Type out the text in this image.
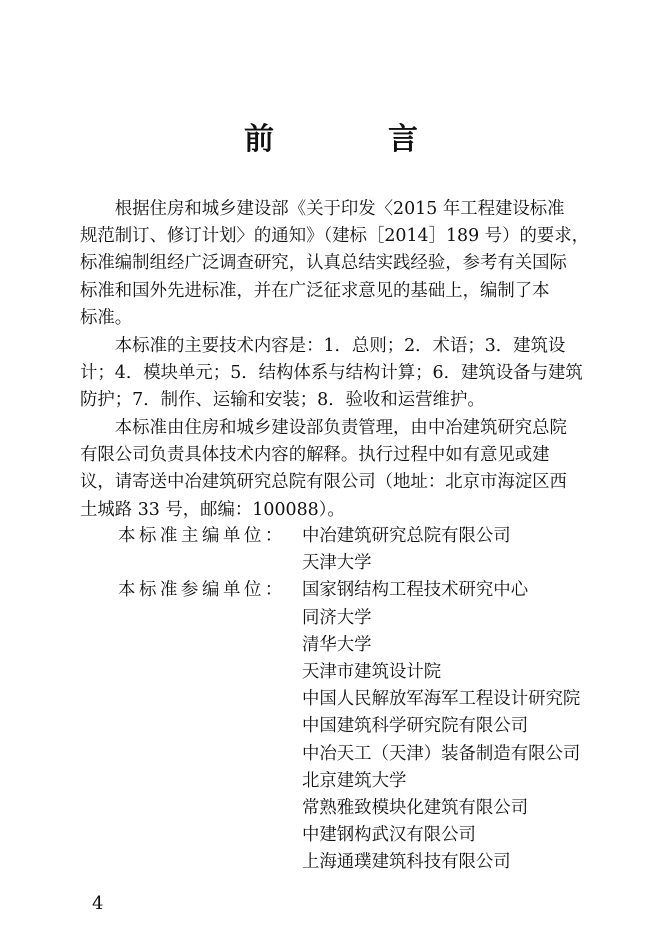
前　言
　　根据住房和城乡建设部《关于印发〈2015 年工程建设标准
规范制订、修订计划〉的通知》（建标［2014］189 号）的要求，
标准编制组经广泛调查研究，认真总结实践经验，参考有关国际
标准和国外先进标准，并在广泛征求意见的基础上，编制了本
标准。
　　本标准的主要技术内容是：1．总则；2．术语；3．建筑设
计；4．模块单元；5．结构体系与结构计算；6．建筑设备与建筑
防护；7．制作、运输和安装；8．验收和运营维护。
　　本标准由住房和城乡建设部负责管理，由中冶建筑研究总院
有限公司负责具体技术内容的解释。执行过程中如有意见或建
议，请寄送中冶建筑研究总院有限公司（地址：北京市海淀区西
土城路 33 号，邮编：100088）。
本标准主编单位： 中冶建筑研究总院有限公司
天津大学
本标准参编单位： 国家钢结构工程技术研究中心
同济大学
清华大学
天津市建筑设计院
中国人民解放军海军工程设计研究院
中国建筑科学研究院有限公司
中冶天工（天津）装备制造有限公司
北京建筑大学
常熟雅致模块化建筑有限公司
中建钢构武汉有限公司
上海通璞建筑科技有限公司
4
